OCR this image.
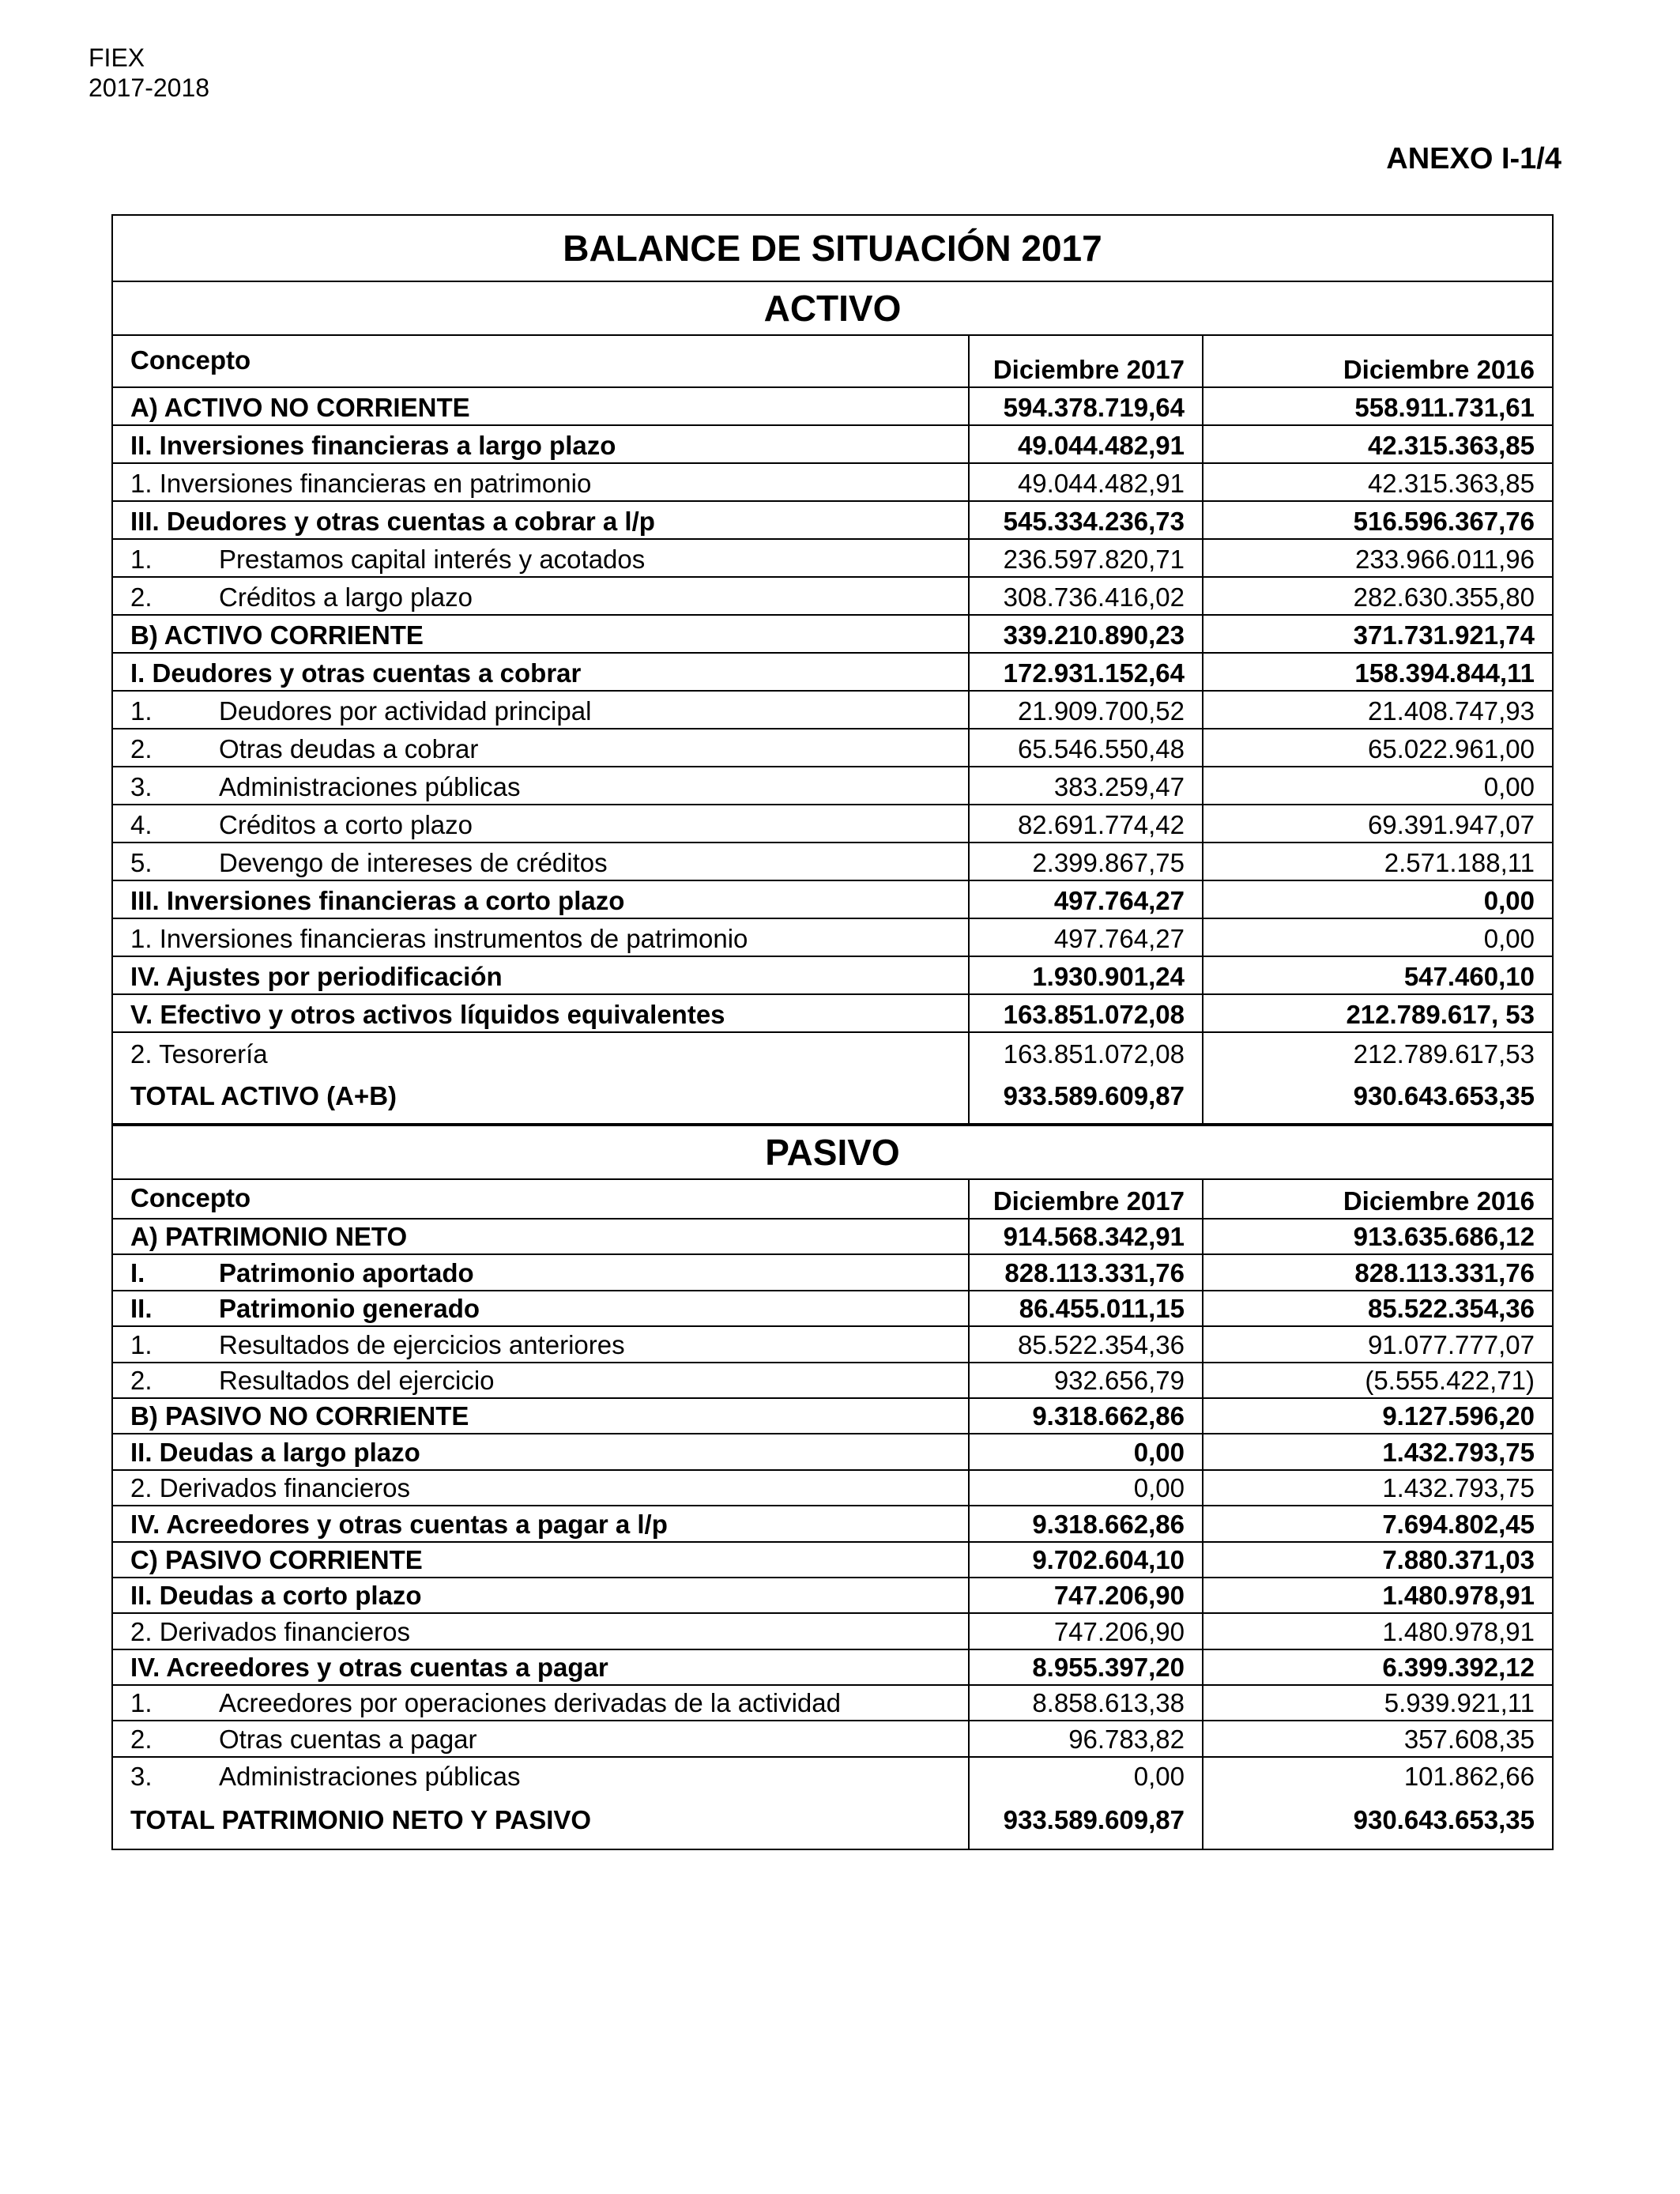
FIEX
2017-2018
ANEXO I-1/4
BALANCE DE SITUACIÓN 2017
ACTIVO
Concepto	Diciembre 2017	Diciembre 2016
A) ACTIVO NO CORRIENTE	594.378.719,64	558.911.731,61
II. Inversiones financieras a largo plazo	49.044.482,91	42.315.363,85
1. Inversiones financieras en patrimonio	49.044.482,91	42.315.363,85
III. Deudores y otras cuentas a cobrar a l/p	545.334.236,73	516.596.367,76
1.	Prestamos capital interés y acotados	236.597.820,71	233.966.011,96
2.	Créditos a largo plazo	308.736.416,02	282.630.355,80
B) ACTIVO CORRIENTE	339.210.890,23	371.731.921,74
I. Deudores y otras cuentas a cobrar	172.931.152,64	158.394.844,11
1.	Deudores por actividad principal	21.909.700,52	21.408.747,93
2.	Otras deudas a cobrar	65.546.550,48	65.022.961,00
3.	Administraciones públicas	383.259,47	0,00
4.	Créditos a corto plazo	82.691.774,42	69.391.947,07
5.	Devengo de intereses de créditos	2.399.867,75	2.571.188,11
III. Inversiones financieras a corto plazo	497.764,27	0,00
1. Inversiones financieras instrumentos de patrimonio	497.764,27	0,00
IV. Ajustes por periodificación	1.930.901,24	547.460,10
V. Efectivo y otros activos líquidos equivalentes	163.851.072,08	212.789.617, 53
2. Tesorería	163.851.072,08	212.789.617,53
TOTAL ACTIVO (A+B)	933.589.609,87	930.643.653,35
PASIVO
Concepto	Diciembre 2017	Diciembre 2016
A) PATRIMONIO NETO	914.568.342,91	913.635.686,12
I.	Patrimonio aportado	828.113.331,76	828.113.331,76
II.	Patrimonio generado	86.455.011,15	85.522.354,36
1.	Resultados de ejercicios anteriores	85.522.354,36	91.077.777,07
2.	Resultados del ejercicio	932.656,79	(5.555.422,71)
B) PASIVO NO CORRIENTE	9.318.662,86	9.127.596,20
II. Deudas a largo plazo	0,00	1.432.793,75
2. Derivados financieros	0,00	1.432.793,75
IV. Acreedores y otras cuentas a pagar a l/p	9.318.662,86	7.694.802,45
C) PASIVO CORRIENTE	9.702.604,10	7.880.371,03
II. Deudas a corto plazo	747.206,90	1.480.978,91
2. Derivados financieros	747.206,90	1.480.978,91
IV. Acreedores y otras cuentas a pagar	8.955.397,20	6.399.392,12
1.	Acreedores por operaciones derivadas de la actividad	8.858.613,38	5.939.921,11
2.	Otras cuentas a pagar	96.783,82	357.608,35
3.	Administraciones públicas	0,00	101.862,66
TOTAL PATRIMONIO NETO Y PASIVO	933.589.609,87	930.643.653,35
